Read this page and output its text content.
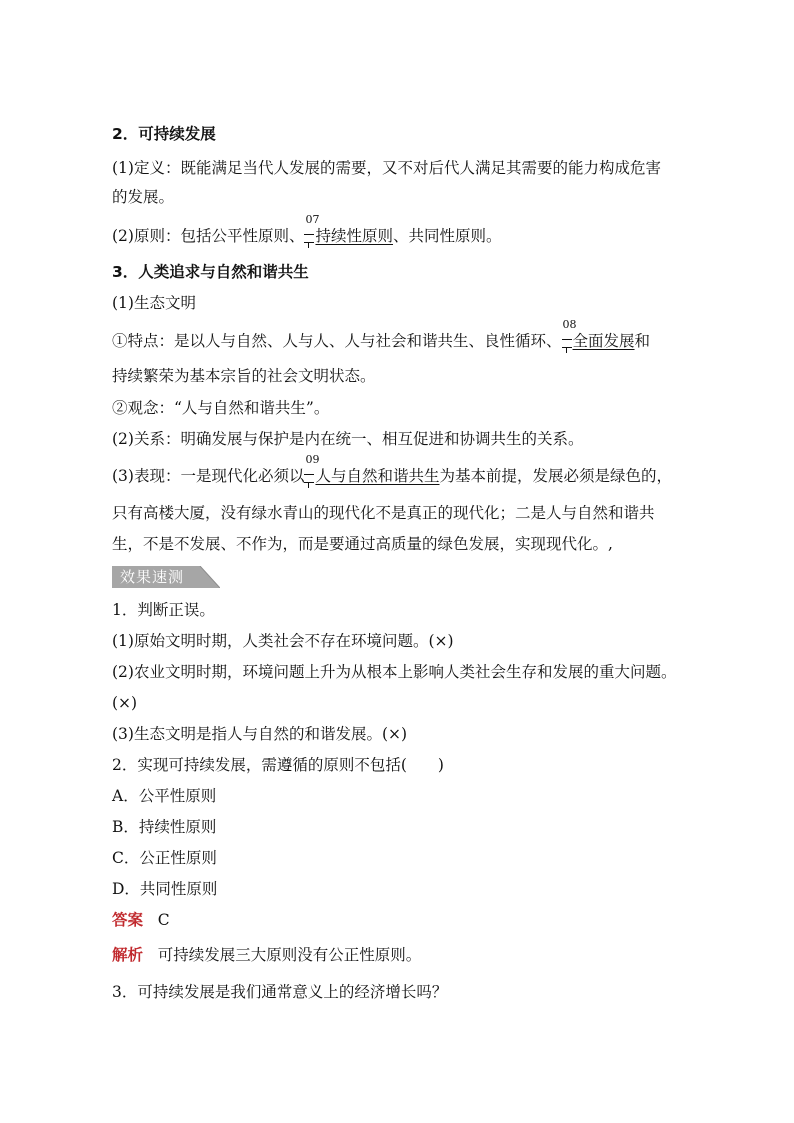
2．可持续发展
(1)定义：既能满足当代人发展的需要，又不对后代人满足其需要的能力构成危害
的发展。
(2)原则：包括公平性原则、
07
持续性原则、共同性原则。
3．人类追求与自然和谐共生
(1)生态文明
①特点：是以人与自然、人与人、人与社会和谐共生、良性循环、
08
全面发展和
持续繁荣为基本宗旨的社会文明状态。
②观念：“人与自然和谐共生”。
(2)关系：明确发展与保护是内在统一、相互促进和协调共生的关系。
(3)表现：一是现代化必须以
09
人与自然和谐共生为基本前提，发展必须是绿色的，
只有高楼大厦，没有绿水青山的现代化不是真正的现代化；二是人与自然和谐共
生，不是不发展、不作为，而是要通过高质量的绿色发展，实现现代化。,
效果速测
1．判断正误。
(1)原始文明时期，人类社会不存在环境问题。(×)
(2)农业文明时期，环境问题上升为从根本上影响人类社会生存和发展的重大问题。
(×)
(3)生态文明是指人与自然的和谐发展。(×)
2．实现可持续发展，需遵循的原则不包括(　　)
A．公平性原则
B．持续性原则
C．公正性原则
D．共同性原则
答案 C
解析 可持续发展三大原则没有公正性原则。
3．可持续发展是我们通常意义上的经济增长吗？
